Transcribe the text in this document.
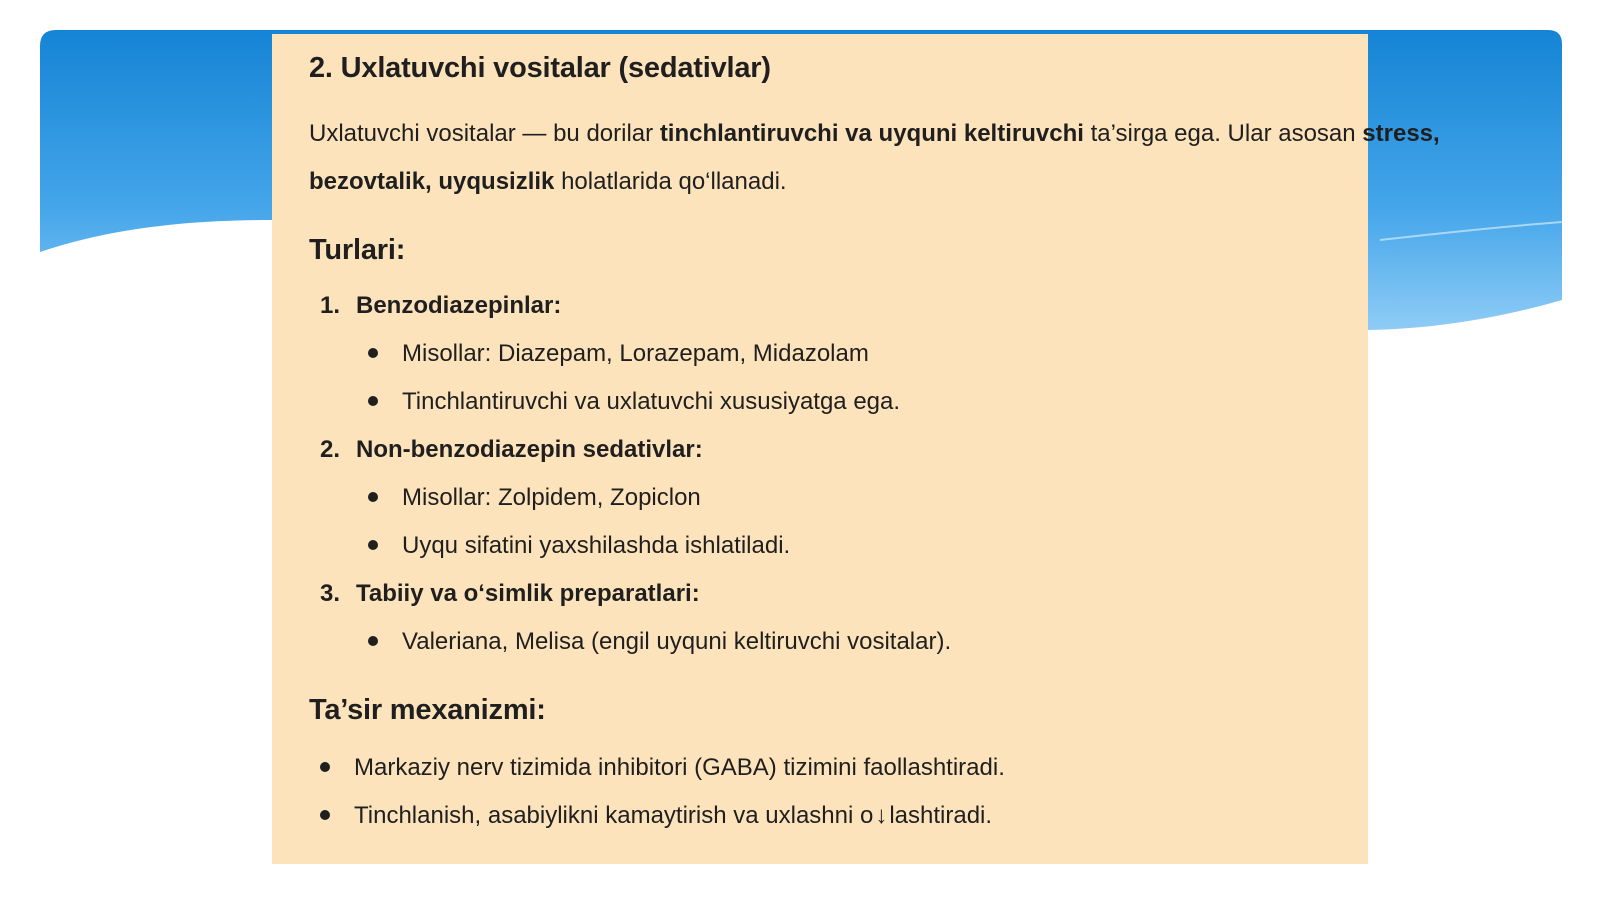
2. Uxlatuvchi vositalar (sedativlar)
Uxlatuvchi vositalar — bu dorilar tinchlantiruvchi va uyquni keltiruvchi ta’sirga ega. Ular asosan stress,
bezovtalik, uyqusizlik holatlarida qo‘llanadi.
Turlari:
1. Benzodiazepinlar:
Misollar: Diazepam, Lorazepam, Midazolam
Tinchlantiruvchi va uxlatuvchi xususiyatga ega.
2. Non-benzodiazepin sedativlar:
Misollar: Zolpidem, Zopiclon
Uyqu sifatini yaxshilashda ishlatiladi.
3. Tabiiy va o‘simlik preparatlari:
Valeriana, Melisa (engil uyquni keltiruvchi vositalar).
Ta’sir mexanizmi:
Markaziy nerv tizimida inhibitori (GABA) tizimini faollashtiradi.
Tinchlanish, asabiylikni kamaytirish va uxlashni o↓lashtiradi.
